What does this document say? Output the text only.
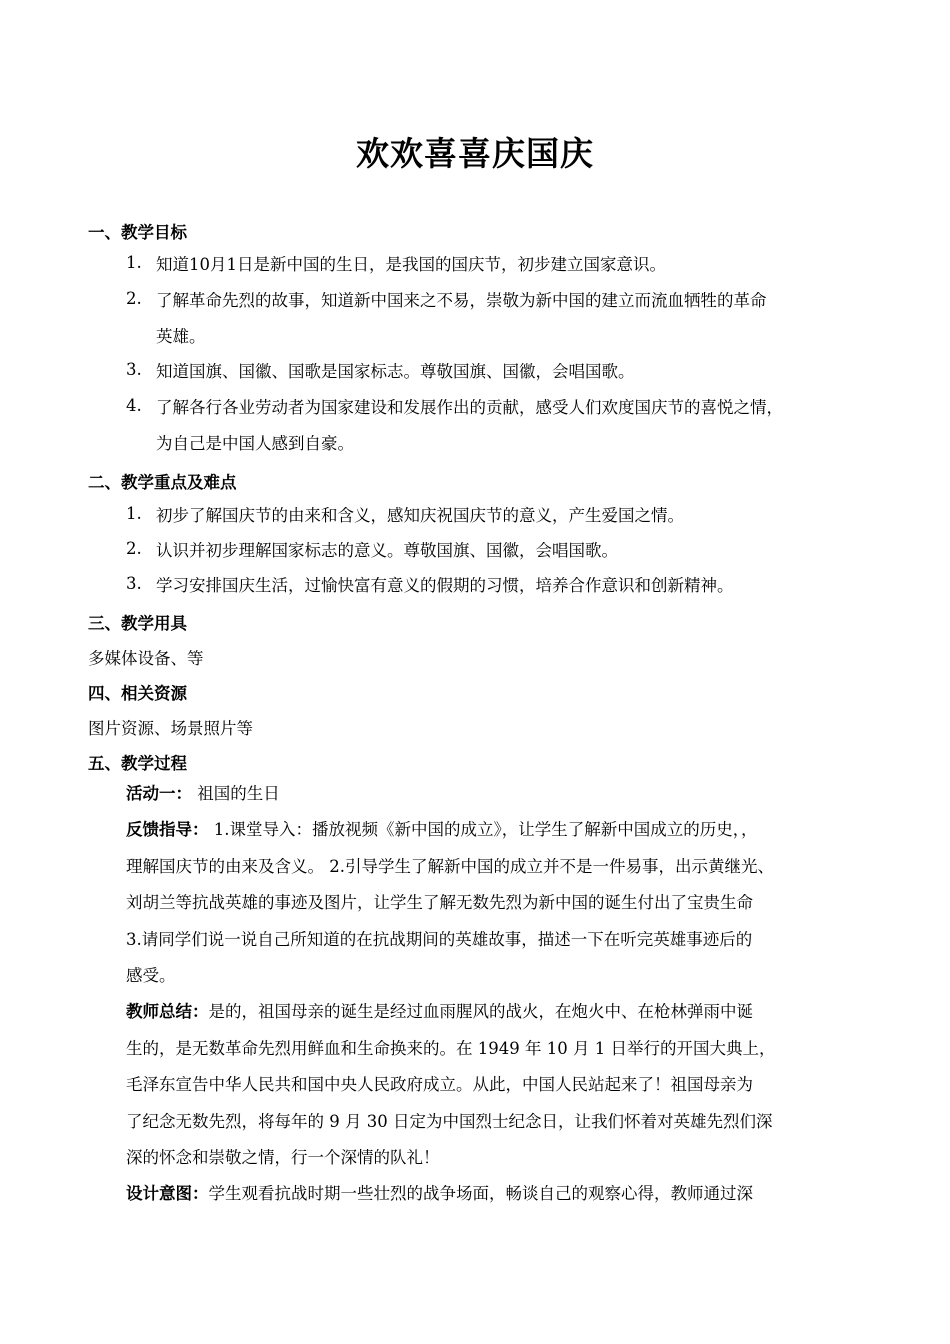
欢欢喜喜庆国庆
一、教学目标
1. 知道10月1日是新中国的生日，是我国的国庆节，初步建立国家意识。
2. 了解革命先烈的故事，知道新中国来之不易，崇敬为新中国的建立而流血牺牲的革命
英雄。
3. 知道国旗、国徽、国歌是国家标志。尊敬国旗、国徽，会唱国歌。
4. 了解各行各业劳动者为国家建设和发展作出的贡献，感受人们欢度国庆节的喜悦之情，
为自己是中国人感到自豪。
二、教学重点及难点
1. 初步了解国庆节的由来和含义，感知庆祝国庆节的意义，产生爱国之情。
2. 认识并初步理解国家标志的意义。尊敬国旗、国徽，会唱国歌。
3. 学习安排国庆生活，过愉快富有意义的假期的习惯，培养合作意识和创新精神。
三、教学用具
多媒体设备、等
四、相关资源
图片资源、场景照片等
五、教学过程
活动一： 祖国的生日
反馈指导： 1.课堂导入：播放视频《新中国的成立》，让学生了解新中国成立的历史，，
理解国庆节的由来及含义。 2.引导学生了解新中国的成立并不是一件易事，出示黄继光、
刘胡兰等抗战英雄的事迹及图片，让学生了解无数先烈为新中国的诞生付出了宝贵生命
3.请同学们说一说自己所知道的在抗战期间的英雄故事，描述一下在听完英雄事迹后的
感受。
教师总结：是的，祖国母亲的诞生是经过血雨腥风的战火，在炮火中、在枪林弹雨中诞
生的，是无数革命先烈用鲜血和生命换来的。在 1949 年 10 月 1 日举行的开国大典上，
毛泽东宣告中华人民共和国中央人民政府成立。从此，中国人民站起来了！祖国母亲为
了纪念无数先烈，将每年的 9 月 30 日定为中国烈士纪念日，让我们怀着对英雄先烈们深
深的怀念和崇敬之情，行一个深情的队礼！
设计意图：学生观看抗战时期一些壮烈的战争场面，畅谈自己的观察心得，教师通过深
